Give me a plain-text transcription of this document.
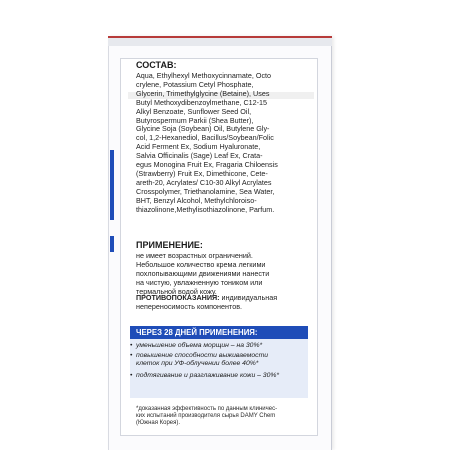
СОСТАВ:
Aqua, Ethylhexyl Methoxycinnamate, Octo
crylene, Potassium Cetyl Phosphate,
Glycerin, Trimethylglycine (Betaine), Uses
Butyl Methoxydibenzoylmethane, C12-15
Alkyl Benzoate, Sunflower Seed Oil,
Butyrospermum Parkii (Shea Butter),
Glycine Soja (Soybean) Oil, Butylene Gly-
col, 1,2-Hexanediol, Bacillus/Soybean/Folic
Acid Ferment Ex, Sodium Hyaluronate,
Salvia Officinalis (Sage) Leaf Ex, Crata-
egus Monogina Fruit Ex, Fragaria Chiloensis
(Strawberry) Fruit Ex, Dimethicone, Cete-
areth-20, Acrylates/ C10-30 Alkyl Acrylates
Crosspolymer, Triethanolamine, Sea Water,
BHT, Benzyl Alcohol, Methylchloroiso-
thiazolinone,Methylisothiazolinone, Parfum.
ПРИМЕНЕНИЕ:
не имеет возрастных ограничений.
Небольшое количество крема легкими
похлопывающими движениями нанести
на чистую, увлажненную тоником или
термальной водой кожу.
ПРОТИВОПОКАЗАНИЯ: индивидуальная
непереносимость компонентов.
ЧЕРЕЗ 28 ДНЕЙ ПРИМЕНЕНИЯ:
• уменьшение объема морщин – на 30%*
• повышение способности выживаемости
клеток при УФ-облучении более 40%*
• подтягивание и разглаживание кожи – 30%*
*доказанная эффективность по данным клиничес-
ких испытаний производителя сырья DAMY Chem
(Южная Корея).
